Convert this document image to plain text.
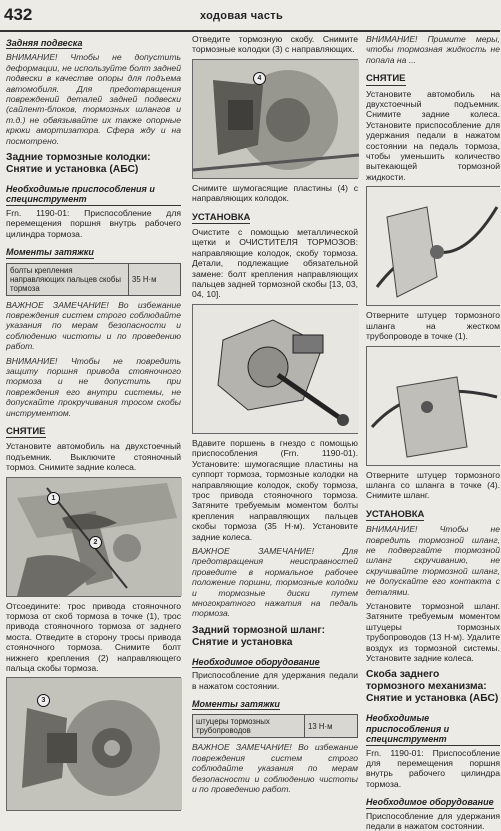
432	ходовая часть
Задняя подвеска

ВНИМАНИЕ! Чтобы не допустить деформации, не используйте болт задней подвески в качестве опоры для подъема автомобиля. Для предотвращения повреждений деталей задней подвески (сайлент-блоков, тормозных шлангов и т.д.) не обвязывайте их также опорные крюки амортизатора. Сфера жду и на посмотрено.

Задние тормозные колодки: Снятие и установка (АБС)
Необходимые приспособления и специнструмент

Frn. 1190-01: Приспособление для перемещения поршня внутрь рабочего цилиндра тормоза.

Моменты затяжки
болты крепления направляющих пальцев скобы тормоза
35 Н·м

ВАЖНОЕ ЗАМЕЧАНИЕ! Во избежание повреждения систем строго соблюдайте указания по мерам безопасности и соблюдению чистоты и по проведению работ.

ВНИМАНИЕ! Чтобы не повредить защиту поршня привода стояночного тормоза и не допустить при повреждения его внутри системы, не допускайте прокручивания тросом скобы инструментом.

СНЯТИЕ

Установите автомобиль на двухстоечный подъемник. Выключите стояночный тормоз. Снимите задние колеса.

1
2

Отсоедините: трос привода стояночного тормоза от скоб тормоза в точке (1), трос привода стояночного тормоза от заднего моста. Отведите в сторону тросы привода стояночного тормоза. Снимите болт нижнего крепления (2) направляющего пальца скобы тормоза.

3

Отведите тормозную скобу. Снимите тормозные колодки (3) с направляющих.

4

Снимите шумогасящие пластины (4) с направляющих колодок.

УСТАНОВКА

Очистите с помощью металлической щетки и ОЧИСТИТЕЛЯ ТОРМОЗОВ: направляющие колодок, скобу тормоза. Детали, подлежащие обязательной замене: болт крепления направляющих пальцев задней тормозной скобы [13, 03, 04, 10].

Вдавите поршень в гнездо с помощью приспособления (Frn. 1190-01). Установите: шумогасящие пластины на суппорт тормоза, тормозные колодки на направляющие колодок, скобу тормоза, трос привода стояночного тормоза. Затяните требуемым моментом болты крепления направляющих пальцев скобы тормоза (35 Н·м). Установите задние колеса.

ВАЖНОЕ ЗАМЕЧАНИЕ! Для предотвращения неисправностей проведите в нормальное рабочее положение поршни, тормозные колодки и тормозные диски путем многократного нажатия на педаль тормоза.

Задний тормозной шланг: Снятие и установка
Необходимое оборудование

Приспособление для удержания педали в нажатом состоянии.

Моменты затяжки
штуцеры тормозных трубопроводов	13 Н·м

ВАЖНОЕ ЗАМЕЧАНИЕ! Во избежание повреждения систем строго соблюдайте указания по мерам безопасности и соблюдению чистоты и по проведению работ.

ВНИМАНИЕ! Примите меры, чтобы тормозная жидкость не попала на ...

СНЯТИЕ

Установите автомобиль на двухстоечный подъемник. Снимите задние колеса. Установите приспособление для удержания педали в нажатом состоянии на педаль тормоза, чтобы уменьшить количество вытекающей тормозной жидкости.

Отверните штуцер тормозного шланга на жестком трубопроводе в точке (1).

Отверните штуцер тормозного шланга со шланга в точке (4). Снимите шланг.

УСТАНОВКА

ВНИМАНИЕ! Чтобы не повредить тормозной шланг, не подвергайте тормозной шланг скручиванию, не скручивайте тормозной шланг, не допускайте его контакта с деталями.

Установите тормозной шланг. Затяните требуемым моментом штуцеры тормозных трубопроводов (13 Н·м). Удалите воздух из тормозной системы. Установите задние колеса.

Скоба заднего тормозного механизма: Снятие и установка (АБС)
Необходимые приспособления и специнструмент

Frn. 1190-01: Приспособление для перемещения поршня внутрь рабочего цилиндра тормоза.

Необходимое оборудование

Приспособление для удержания педали в нажатом состоянии.
